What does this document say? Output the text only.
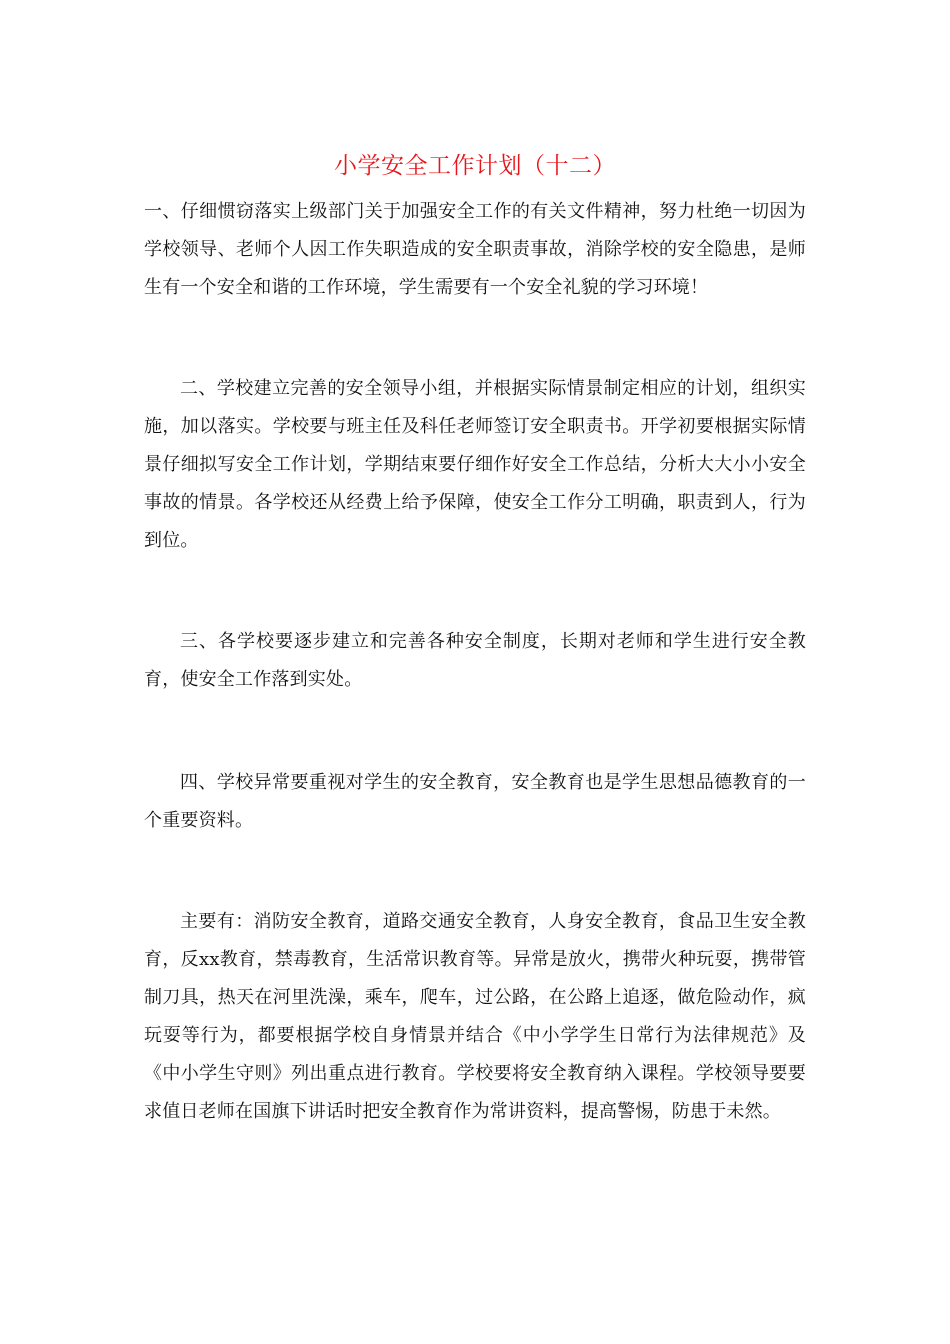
小学安全工作计划（十二）

一、仔细惯窃落实上级部门关于加强安全工作的有关文件精神，努力杜绝一切因为学校领导、老师个人因工作失职造成的安全职责事故，消除学校的安全隐患，是师生有一个安全和谐的工作环境，学生需要有一个安全礼貌的学习环境！

二、学校建立完善的安全领导小组，并根据实际情景制定相应的计划，组织实施，加以落实。学校要与班主任及科任老师签订安全职责书。开学初要根据实际情景仔细拟写安全工作计划，学期结束要仔细作好安全工作总结，分析大大小小安全事故的情景。各学校还从经费上给予保障，使安全工作分工明确，职责到人，行为到位。

三、各学校要逐步建立和完善各种安全制度，长期对老师和学生进行安全教育，使安全工作落到实处。

四、学校异常要重视对学生的安全教育，安全教育也是学生思想品德教育的一个重要资料。

主要有：消防安全教育，道路交通安全教育，人身安全教育，食品卫生安全教育，反xx教育，禁毒教育，生活常识教育等。异常是放火，携带火种玩耍，携带管制刀具，热天在河里洗澡，乘车，爬车，过公路，在公路上追逐，做危险动作，疯玩耍等行为，都要根据学校自身情景并结合《中小学学生日常行为法律规范》及《中小学生守则》列出重点进行教育。学校要将安全教育纳入课程。学校领导要要求值日老师在国旗下讲话时把安全教育作为常讲资料，提高警惕，防患于未然。
